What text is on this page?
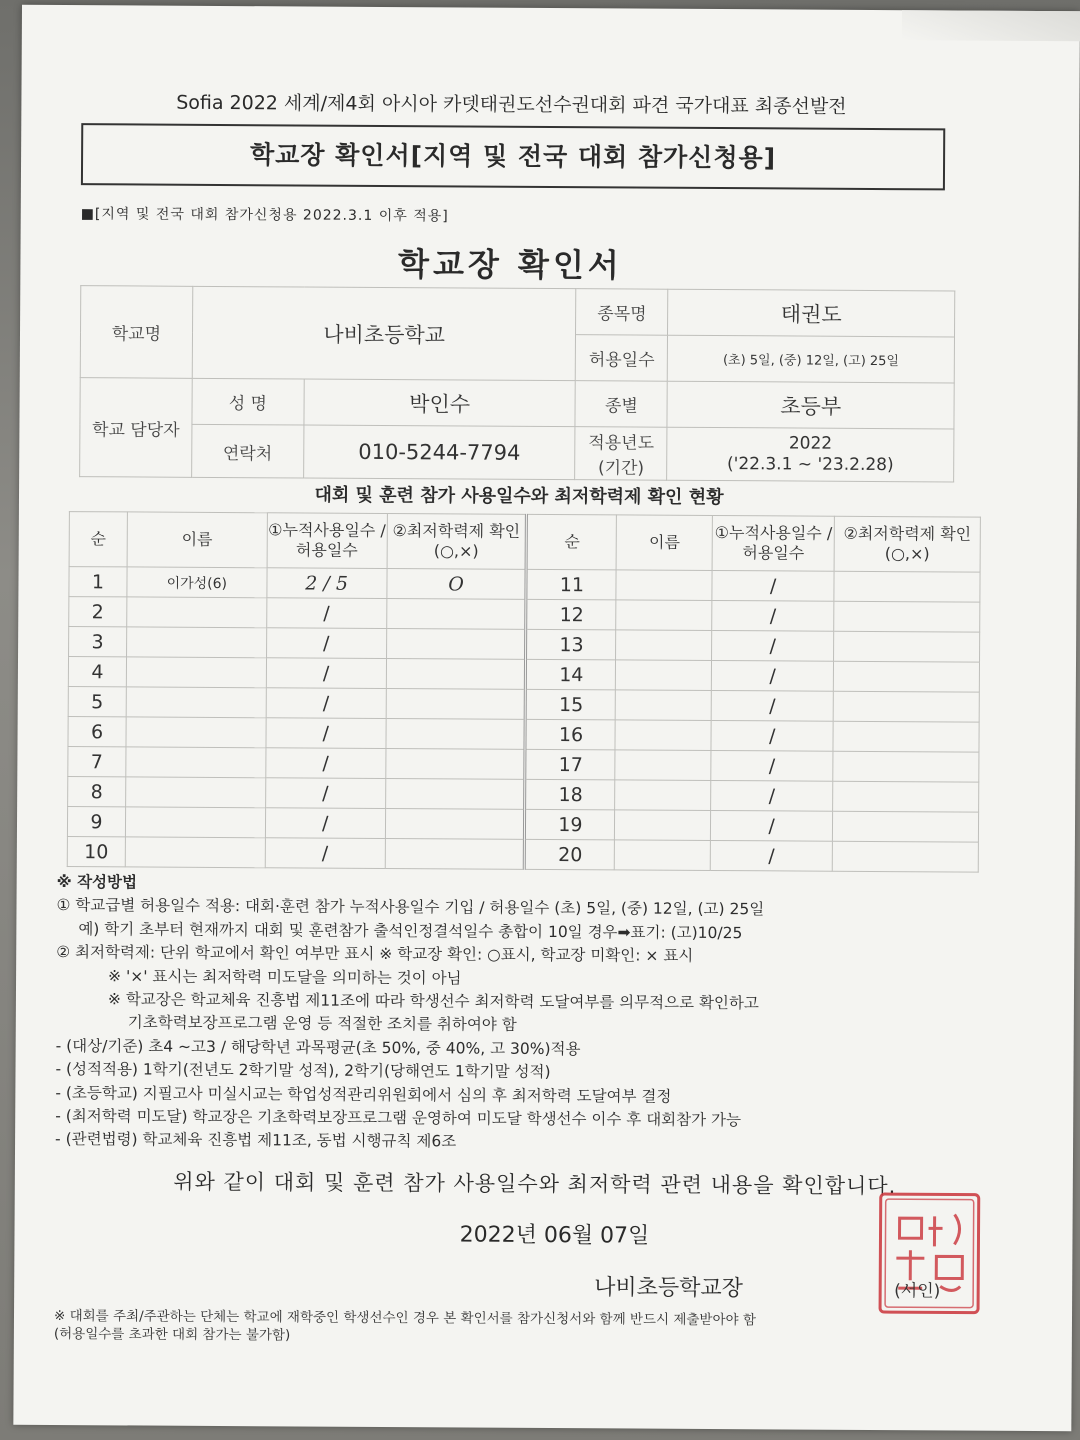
Sofia 2022 세계/제4회 아시아 카뎃태권도선수권대회 파견 국가대표 최종선발전
학교장 확인서[지역 및 전국 대회 참가신청용]
■[지역 및 전국 대회 참가신청용 2022.3.1 이후 적용]
학교장 확인서
학교명	나비초등학교		종목명	태권도
			허용일수	(초) 5일, (중) 12일, (고) 25일
학교 담당자	성 명	박인수	종별	초등부
	연락처	010-5244-7794	적용년도 (기간)	2022
('22.3.1 ~ '23.2.28)
대회 및 훈련 참가 사용일수와 최저학력제 확인 현황
순	이름	①누적사용일수 /허용일수	②최저학력제 확인(○,×)	순	이름	①누적사용일수 /허용일수	②최저학력제 확인(○,×)
1	이가성(6)	2 / 5	O	11		/	
2		/		12		/	
3		/		13		/	
4		/		14		/	
5		/		15		/	
6		/		16		/	
7		/		17		/	
8		/		18		/	
9		/		19		/	
10		/		20		/	
※ 작성방법
① 학교급별 허용일수 적용: 대회·훈련 참가 누적사용일수 기입 / 허용일수 (초) 5일, (중) 12일, (고) 25일
예) 학기 초부터 현재까지 대회 및 훈련참가 출석인정결석일수 총합이 10일 경우➡표기: (고)10/25
② 최저학력제: 단위 학교에서 확인 여부만 표시 ※ 학교장 확인: ○표시, 학교장 미확인: × 표시
※ '×' 표시는 최저학력 미도달을 의미하는 것이 아님
※ 학교장은 학교체육 진흥법 제11조에 따라 학생선수 최저학력 도달여부를 의무적으로 확인하고
기초학력보장프로그램 운영 등 적절한 조치를 취하여야 함
- (대상/기준) 초4 ~고3 / 해당학년 과목평균(초 50%, 중 40%, 고 30%)적용
- (성적적용) 1학기(전년도 2학기말 성적), 2학기(당해연도 1학기말 성적)
- (초등학교) 지필고사 미실시교는 학업성적관리위원회에서 심의 후 최저학력 도달여부 결정
- (최저학력 미도달) 학교장은 기초학력보장프로그램 운영하여 미도달 학생선수 이수 후 대회참가 가능
- (관련법령) 학교체육 진흥법 제11조, 동법 시행규칙 제6조
위와 같이 대회 및 훈련 참가 사용일수와 최저학력 관련 내용을 확인합니다.
2022년 06월 07일
나비초등학교장	(서인)
※ 대회를 주최/주관하는 단체는 학교에 재학중인 학생선수인 경우 본 확인서를 참가신청서와 함께 반드시 제출받아야 함
(허용일수를 초과한 대회 참가는 불가함)
